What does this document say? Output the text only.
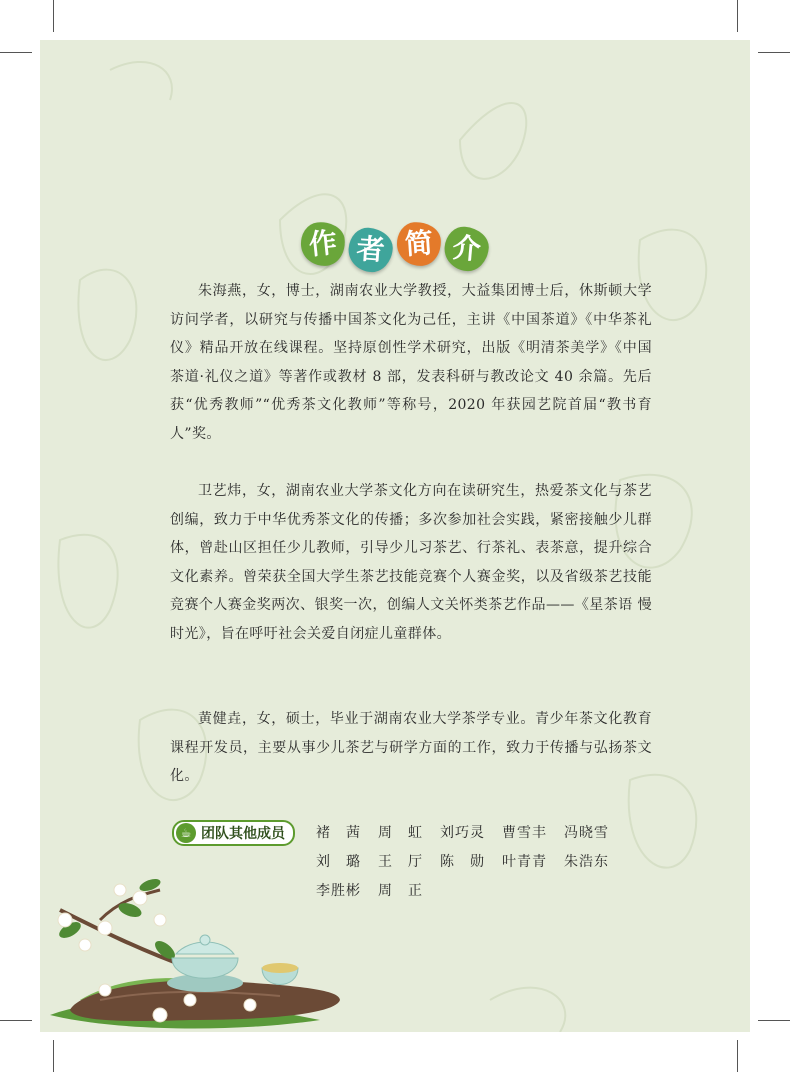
作 者 简 介

朱海燕，女，博士，湖南农业大学教授，大益集团博士后，休斯顿大学访问学者，以研究与传播中国茶文化为己任，主讲《中国茶道》《中华茶礼仪》精品开放在线课程。坚持原创性学术研究，出版《明清茶美学》《中国茶道·礼仪之道》等著作或教材 8 部，发表科研与教改论文 40 余篇。先后获“优秀教师”“优秀茶文化教师”等称号，2020 年获园艺院首届“教书育人”奖。

卫艺炜，女，湖南农业大学茶文化方向在读研究生，热爱茶文化与茶艺创编，致力于中华优秀茶文化的传播；多次参加社会实践，紧密接触少儿群体，曾赴山区担任少儿教师，引导少儿习茶艺、行茶礼、表茶意，提升综合文化素养。曾荣获全国大学生茶艺技能竞赛个人赛金奖，以及省级茶艺技能竞赛个人赛金奖两次、银奖一次，创编人文关怀类茶艺作品——《星茶语 慢时光》，旨在呼吁社会关爱自闭症儿童群体。

黄健垚，女，硕士，毕业于湖南农业大学茶学专业。青少年茶文化教育课程开发员，主要从事少儿茶艺与研学方面的工作，致力于传播与弘扬茶文化。

☕ 团队其他成员 褚　茜	周　虹	刘巧灵	曹雪丰	冯晓雪
刘　璐	王　厅	陈　勋	叶青青	朱浩东
李胜彬	周　正
